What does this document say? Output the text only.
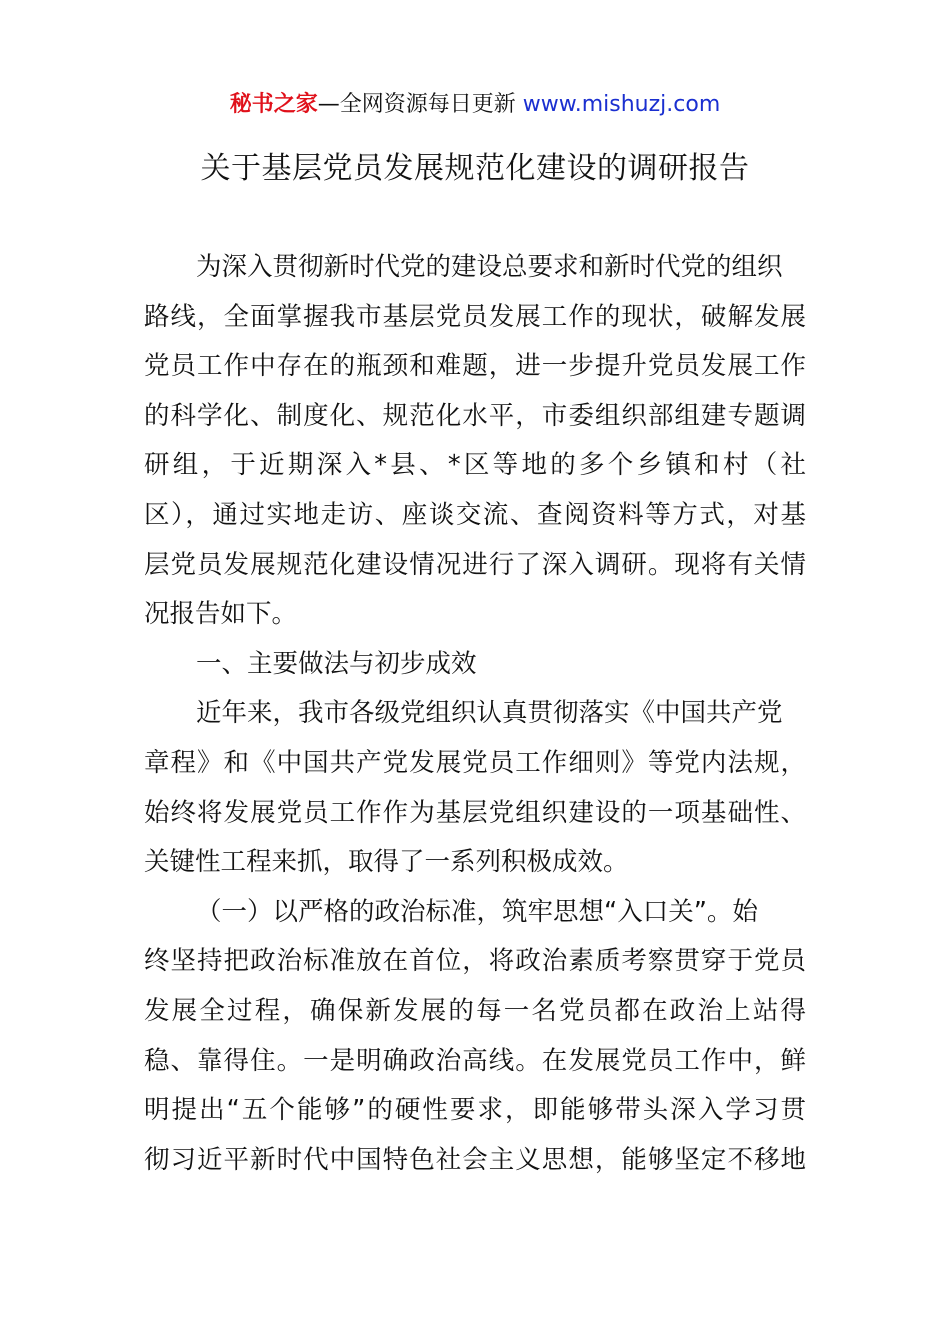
秘书之家—全网资源每日更新 www.mishuzj.com
关于基层党员发展规范化建设的调研报告
为深入贯彻新时代党的建设总要求和新时代党的组织
路线，全面掌握我市基层党员发展工作的现状，破解发展
党员工作中存在的瓶颈和难题，进一步提升党员发展工作
的科学化、制度化、规范化水平，市委组织部组建专题调
研组，于近期深入*县、*区等地的多个乡镇和村（社
区），通过实地走访、座谈交流、查阅资料等方式，对基
层党员发展规范化建设情况进行了深入调研。现将有关情
况报告如下。
一、主要做法与初步成效
近年来，我市各级党组织认真贯彻落实《中国共产党
章程》和《中国共产党发展党员工作细则》等党内法规，
始终将发展党员工作作为基层党组织建设的一项基础性、
关键性工程来抓，取得了一系列积极成效。
（一）以严格的政治标准，筑牢思想“入口关”。始
终坚持把政治标准放在首位，将政治素质考察贯穿于党员
发展全过程，确保新发展的每一名党员都在政治上站得
稳、靠得住。一是明确政治高线。在发展党员工作中，鲜
明提出“五个能够”的硬性要求，即能够带头深入学习贯
彻习近平新时代中国特色社会主义思想，能够坚定不移地
